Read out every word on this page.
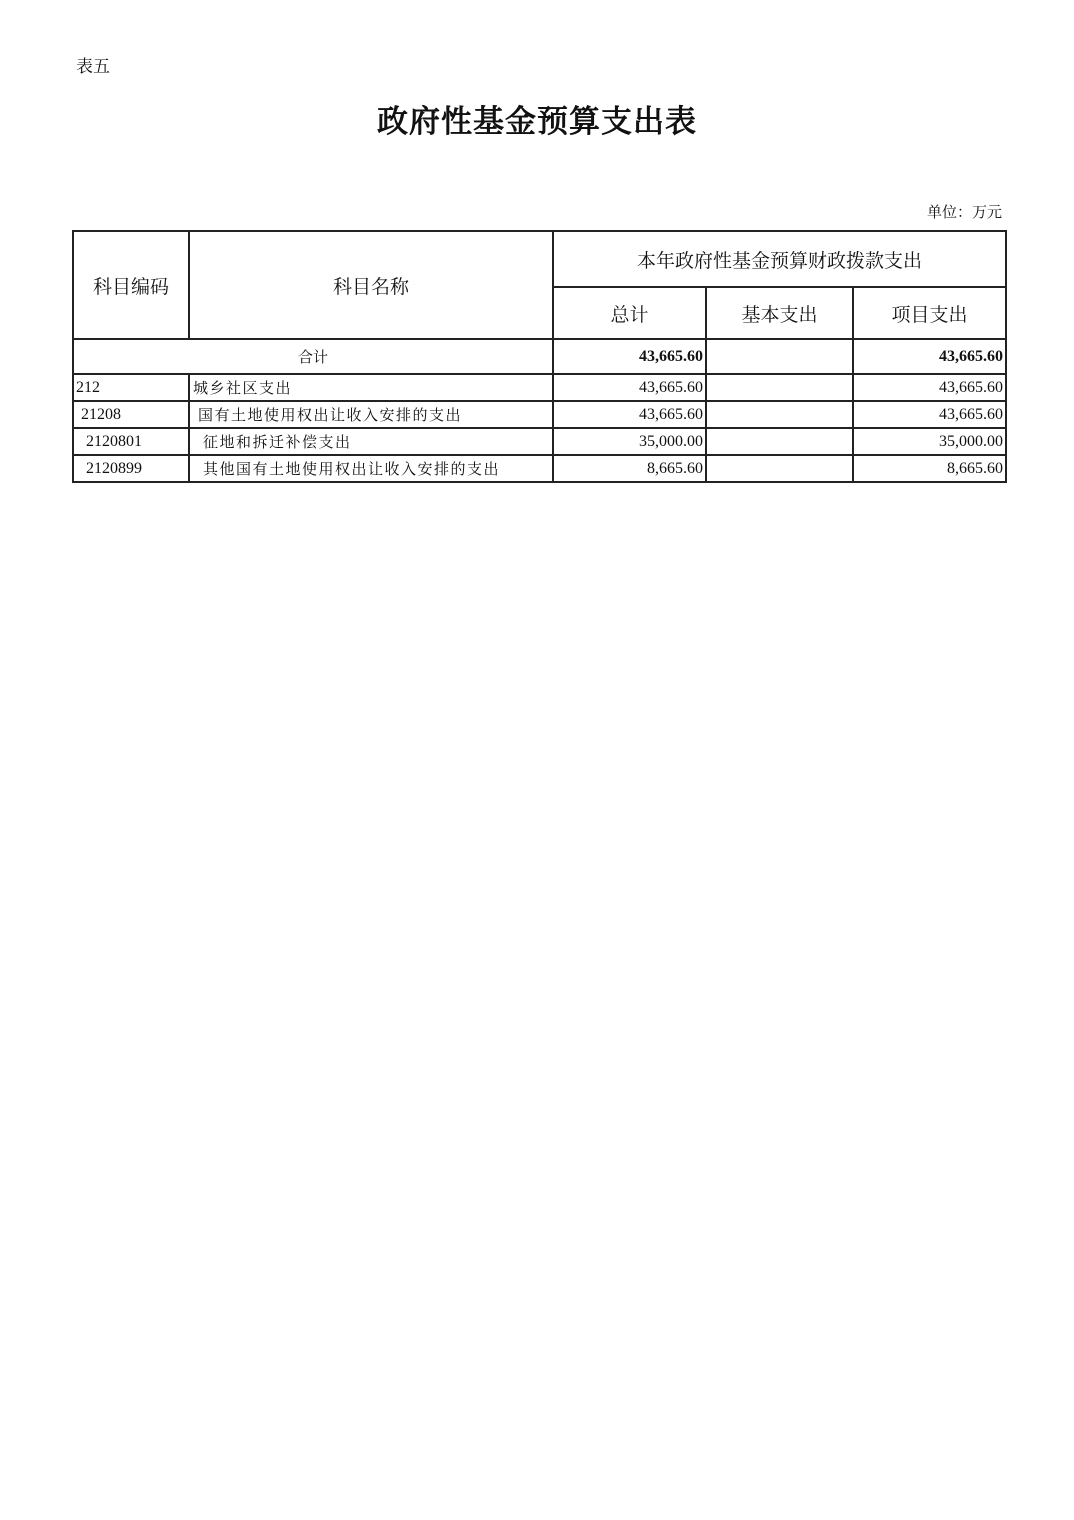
表五
政府性基金预算支出表
单位：万元
科目编码	科目名称	本年政府性基金预算财政拨款支出		
		总计	基本支出	项目支出
合计		43,665.60		43,665.60
212	城乡社区支出	43,665.60		43,665.60
21208	国有土地使用权出让收入安排的支出	43,665.60		43,665.60
2120801	征地和拆迁补偿支出	35,000.00		35,000.00
2120899	其他国有土地使用权出让收入安排的支出	8,665.60		8,665.60
